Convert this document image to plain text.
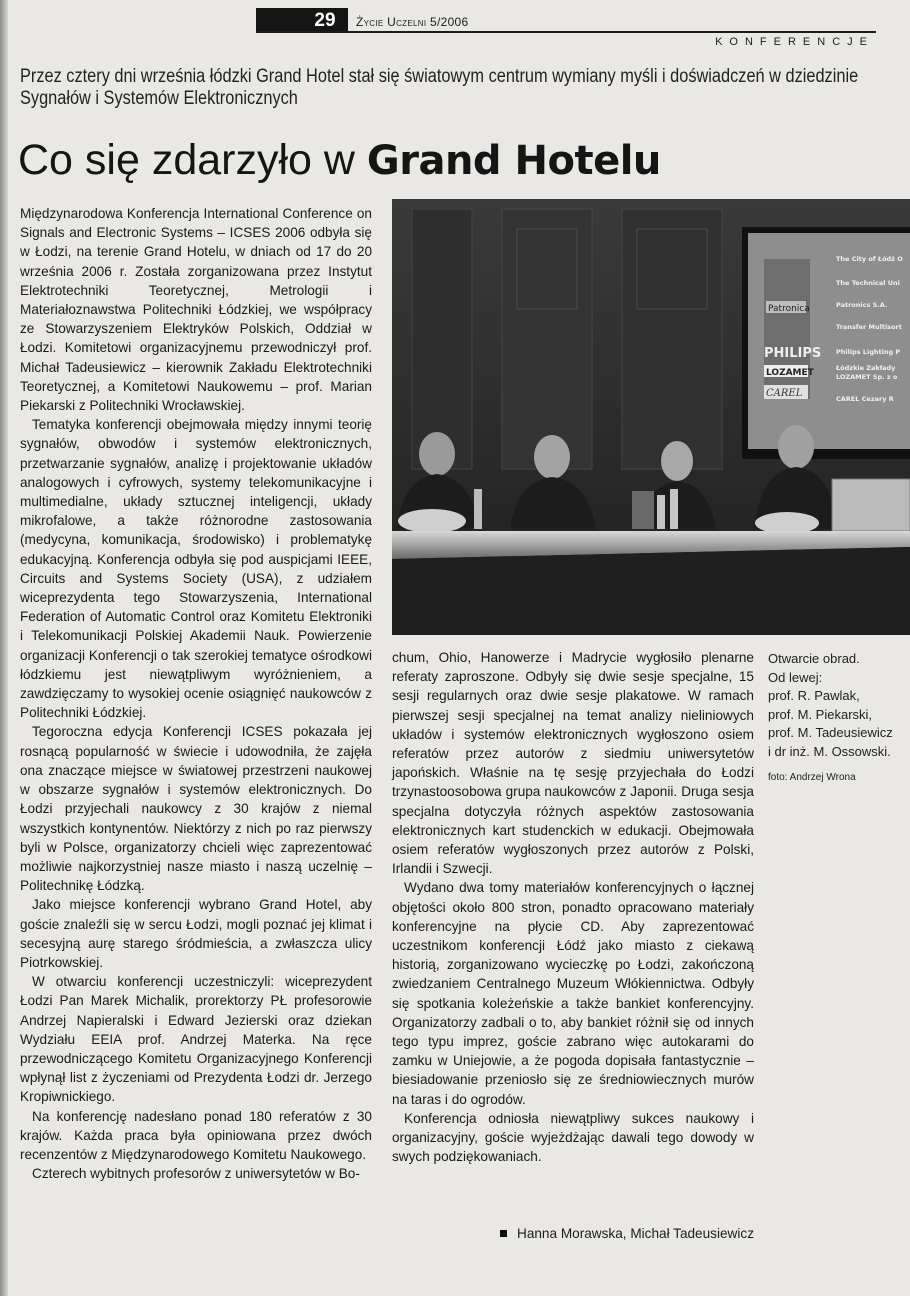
29	Życie Uczelni 5/2006
KONFERENCJE
Przez cztery dni września łódzki Grand Hotel stał się światowym centrum wymiany myśli i doświadczeń w dziedzinie Sygnałów i Systemów Elektronicznych
Co się zdarzyło w Grand Hotelu

Międzynarodowa Konferencja International Conference on Signals and Electronic Systems – ICSES 2006 odbyła się w Łodzi, na terenie Grand Hotelu, w dniach od 17 do 20 września 2006 r. Została zorganizowana przez Instytut Elektrotechniki Teoretycznej, Metrologii i Materiałoznawstwa Politechniki Łódzkiej, we współpracy ze Stowarzyszeniem Elektryków Polskich, Oddział w Łodzi. Komitetowi organizacyjnemu przewodniczył prof. Michał Tadeusiewicz – kierownik Zakładu Elektrotechniki Teoretycznej, a Komitetowi Naukowemu – prof. Marian Piekarski z Politechniki Wrocławskiej.

Tematyka konferencji obejmowała między innymi teorię sygnałów, obwodów i systemów elektronicznych, przetwarzanie sygnałów, analizę i projektowanie układów analogowych i cyfrowych, systemy telekomunikacyjne i multimedialne, układy sztucznej inteligencji, układy mikrofalowe, a także różnorodne zastosowania (medycyna, komunikacja, środowisko) i problematykę edukacyjną. Konferencja odbyła się pod auspicjami IEEE, Circuits and Systems Society (USA), z udziałem wiceprezydenta tego Stowarzyszenia, International Federation of Automatic Control oraz Komitetu Elektroniki i Telekomunikacji Polskiej Akademii Nauk. Powierzenie organizacji Konferencji o tak szerokiej tematyce ośrodkowi łódzkiemu jest niewątpliwym wyróżnieniem, a zawdzięczamy to wysokiej ocenie osiągnięć naukowców z Politechniki Łódzkiej.

Tegoroczna edycja Konferencji ICSES pokazała jej rosnącą popularność w świecie i udowodniła, że zajęła ona znaczące miejsce w światowej przestrzeni naukowej w obszarze sygnałów i systemów elektronicznych. Do Łodzi przyjechali naukowcy z 30 krajów z niemal wszystkich kontynentów. Niektórzy z nich po raz pierwszy byli w Polsce, organizatorzy chcieli więc zaprezentować możliwie najkorzystniej nasze miasto i naszą uczelnię – Politechnikę Łódzką.

Jako miejsce konferencji wybrano Grand Hotel, aby goście znaleźli się w sercu Łodzi, mogli poznać jej klimat i secesyjną aurę starego śródmieścia, a zwłaszcza ulicy Piotrkowskiej.

W otwarciu konferencji uczestniczyli: wiceprezydent Łodzi Pan Marek Michalik, prorektorzy PŁ profesorowie Andrzej Napieralski i Edward Jezierski oraz dziekan Wydziału EEIA prof. Andrzej Materka. Na ręce przewodniczącego Komitetu Organizacyjnego Konferencji wpłynął list z życzeniami od Prezydenta Łodzi dr. Jerzego Kropiwnickiego.

Na konferencję nadesłano ponad 180 referatów z 30 krajów. Każda praca była opiniowana przez dwóch recenzentów z Międzynarodowego Komitetu Naukowego.

Czterech wybitnych profesorów z uniwersytetów w Bo-

Patronica
PHILIPS
LOZAMET
CAREL
The City of Łódź O
The Technical Uni
Patronics S.A.
Transfer Multisort
Philips Lighting P
Łódzkie Zakłady
LOZAMET Sp. z o
CAREL Cezary R

chum, Ohio, Hanowerze i Madrycie wygłosiło plenarne referaty zaproszone. Odbyły się dwie sesje specjalne, 15 sesji regularnych oraz dwie sesje plakatowe. W ramach pierwszej sesji specjalnej na temat analizy nieliniowych układów i systemów elektronicznych wygłoszono osiem referatów przez autorów z siedmiu uniwersytetów japońskich. Właśnie na tę sesję przyjechała do Łodzi trzynastoosobowa grupa naukowców z Japonii. Druga sesja specjalna dotyczyła różnych aspektów zastosowania elektronicznych kart studenckich w edukacji. Obejmowała osiem referatów wygłoszonych przez autorów z Polski, Irlandii i Szwecji.

Wydano dwa tomy materiałów konferencyjnych o łącznej objętości około 800 stron, ponadto opracowano materiały konferencyjne na płycie CD. Aby zaprezentować uczestnikom konferencji Łódź jako miasto z ciekawą historią, zorganizowano wycieczkę po Łodzi, zakończoną zwiedzaniem Centralnego Muzeum Włókiennictwa. Odbyły się spotkania koleżeńskie a także bankiet konferencyjny. Organizatorzy zadbali o to, aby bankiet różnił się od innych tego typu imprez, goście zabrano więc autokarami do zamku w Uniejowie, a że pogoda dopisała fantastycznie – biesiadowanie przeniosło się ze średniowiecznych murów na taras i do ogrodów.

Konferencja odniosła niewątpliwy sukces naukowy i organizacyjny, goście wyjeżdżając dawali tego dowody w swych podziękowaniach.

Otwarcie obrad.
Od lewej:
prof. R. Pawlak,
prof. M. Piekarski,
prof. M. Tadeusiewicz
i dr inż. M. Ossowski.
foto: Andrzej Wrona
Hanna Morawska, Michał Tadeusiewicz
